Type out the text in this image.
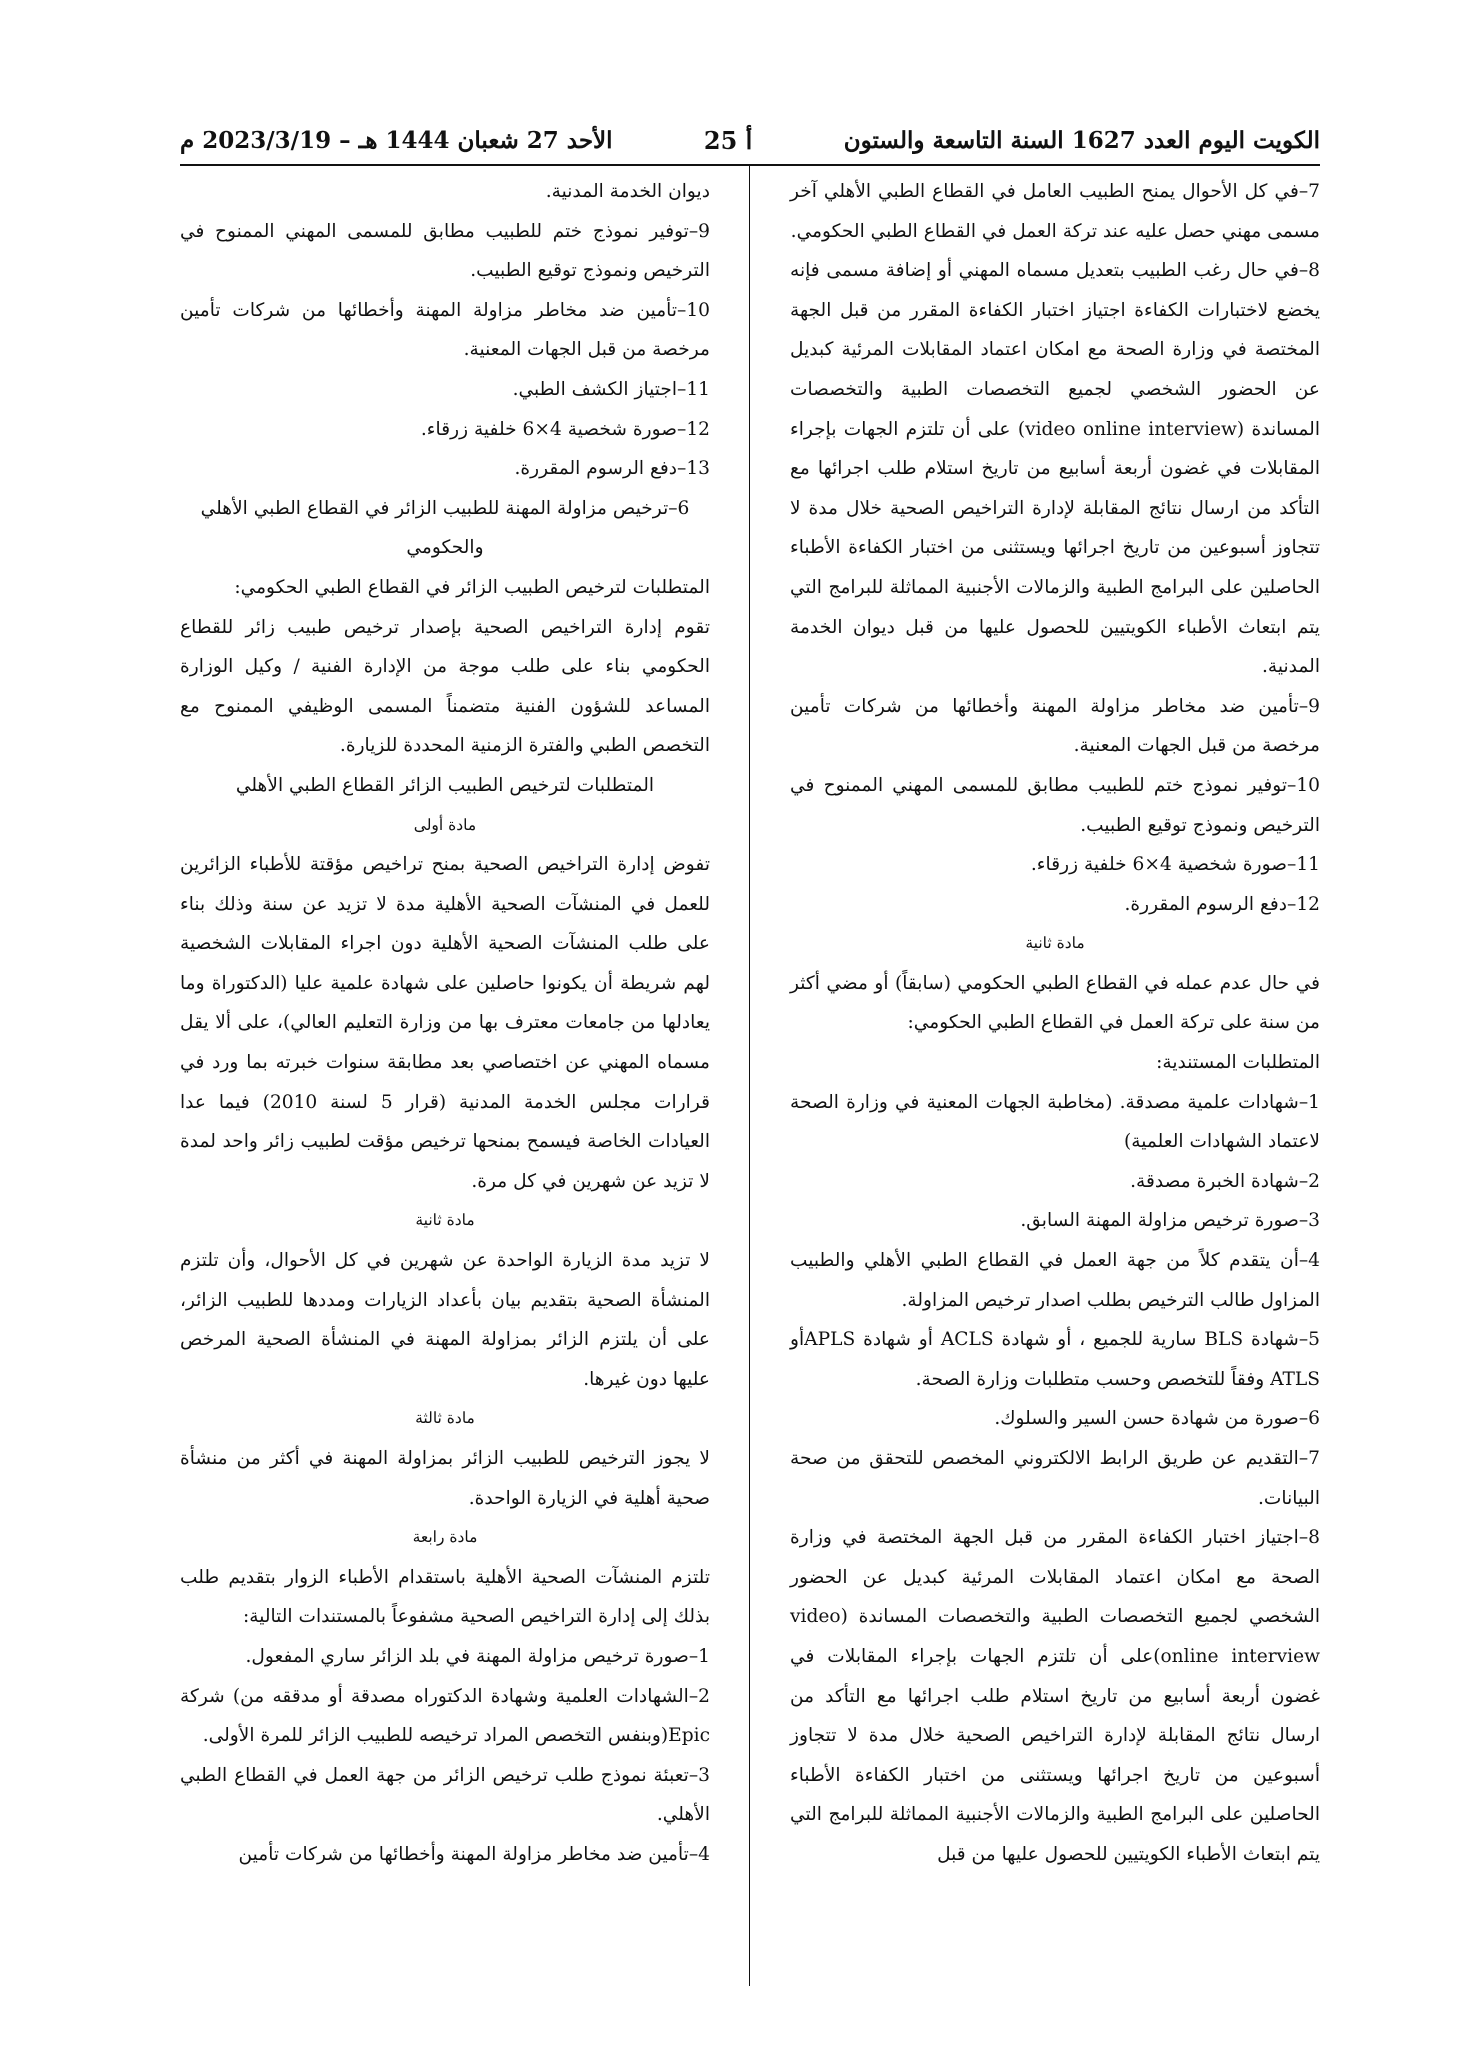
الكويت اليوم العدد 1627 السنة التاسعة والستون
أ 25
الأحد 27 شعبان 1444 هـ – 2023/3/19 م

7–في كل الأحوال يمنح الطبيب العامل في القطاع الطبي الأهلي آخر مسمى مهني حصل عليه عند تركة العمل في القطاع الطبي الحكومي.

8–في حال رغب الطبيب بتعديل مسماه المهني أو إضافة مسمى فإنه يخضع لاختبارات الكفاءة اجتياز اختبار الكفاءة المقرر من قبل الجهة المختصة في وزارة الصحة مع امكان اعتماد المقابلات المرئية كبديل عن الحضور الشخصي لجميع التخصصات الطبية والتخصصات المساندة (video online interview) على أن تلتزم الجهات بإجراء المقابلات في غضون أربعة أسابيع من تاريخ استلام طلب اجرائها مع التأكد من ارسال نتائج المقابلة لإدارة التراخيص الصحية خلال مدة لا تتجاوز أسبوعين من تاريخ اجرائها ويستثنى من اختبار الكفاءة الأطباء الحاصلين على البرامج الطبية والزمالات الأجنبية المماثلة للبرامج التي يتم ابتعاث الأطباء الكويتيين للحصول عليها من قبل ديوان الخدمة المدنية.

9–تأمين ضد مخاطر مزاولة المهنة وأخطائها من شركات تأمين مرخصة من قبل الجهات المعنية.

10–توفير نموذج ختم للطبيب مطابق للمسمى المهني الممنوح في الترخيص ونموذج توقيع الطبيب.

11–صورة شخصية 4×6 خلفية زرقاء.

12–دفع الرسوم المقررة.

مادة ثانية

في حال عدم عمله في القطاع الطبي الحكومي (سابقاً) أو مضي أكثر من سنة على تركة العمل في القطاع الطبي الحكومي:

المتطلبات المستندية:

1–شهادات علمية مصدقة. (مخاطبة الجهات المعنية في وزارة الصحة لاعتماد الشهادات العلمية)

2–شهادة الخبرة مصدقة.

3–صورة ترخيص مزاولة المهنة السابق.

4–أن يتقدم كلاً من جهة العمل في القطاع الطبي الأهلي والطبيب المزاول طالب الترخيص بطلب اصدار ترخيص المزاولة.

5–شهادة BLS سارية للجميع ، أو شهادة ACLS أو شهادة APLSأو ATLS وفقاً للتخصص وحسب متطلبات وزارة الصحة.

6–صورة من شهادة حسن السير والسلوك.

7–التقديم عن طريق الرابط الالكتروني المخصص للتحقق من صحة البيانات.

8–اجتياز اختبار الكفاءة المقرر من قبل الجهة المختصة في وزارة الصحة مع امكان اعتماد المقابلات المرئية كبديل عن الحضور الشخصي لجميع التخصصات الطبية والتخصصات المساندة (video online interview)على أن تلتزم الجهات بإجراء المقابلات في غضون أربعة أسابيع من تاريخ استلام طلب اجرائها مع التأكد من ارسال نتائج المقابلة لإدارة التراخيص الصحية خلال مدة لا تتجاوز أسبوعين من تاريخ اجرائها ويستثنى من اختبار الكفاءة الأطباء الحاصلين على البرامج الطبية والزمالات الأجنبية المماثلة للبرامج التي يتم ابتعاث الأطباء الكويتيين للحصول عليها من قبل

ديوان الخدمة المدنية.

9–توفير نموذج ختم للطبيب مطابق للمسمى المهني الممنوح في الترخيص ونموذج توقيع الطبيب.

10–تأمين ضد مخاطر مزاولة المهنة وأخطائها من شركات تأمين مرخصة من قبل الجهات المعنية.

11–اجتياز الكشف الطبي.

12–صورة شخصية 4×6 خلفية زرقاء.

13–دفع الرسوم المقررة.

6–ترخيص مزاولة المهنة للطبيب الزائر في القطاع الطبي الأهلي والحكومي

المتطلبات لترخيص الطبيب الزائر في القطاع الطبي الحكومي:

تقوم إدارة التراخيص الصحية بإصدار ترخيص طبيب زائر للقطاع الحكومي بناء على طلب موجة من الإدارة الفنية / وكيل الوزارة المساعد للشؤون الفنية متضمناً المسمى الوظيفي الممنوح مع التخصص الطبي والفترة الزمنية المحددة للزيارة.

المتطلبات لترخيص الطبيب الزائر القطاع الطبي الأهلي

مادة أولى

تفوض إدارة التراخيص الصحية بمنح تراخيص مؤقتة للأطباء الزائرين للعمل في المنشآت الصحية الأهلية مدة لا تزيد عن سنة وذلك بناء على طلب المنشآت الصحية الأهلية دون اجراء المقابلات الشخصية لهم شريطة أن يكونوا حاصلين على شهادة علمية عليا (الدكتوراة وما يعادلها من جامعات معترف بها من وزارة التعليم العالي)، على ألا يقل مسماه المهني عن اختصاصي بعد مطابقة سنوات خبرته بما ورد في قرارات مجلس الخدمة المدنية (قرار 5 لسنة 2010) فيما عدا العيادات الخاصة فيسمح بمنحها ترخيص مؤقت لطبيب زائر واحد لمدة لا تزيد عن شهرين في كل مرة.

مادة ثانية

لا تزيد مدة الزيارة الواحدة عن شهرين في كل الأحوال، وأن تلتزم المنشأة الصحية بتقديم بيان بأعداد الزيارات ومددها للطبيب الزائر، على أن يلتزم الزائر بمزاولة المهنة في المنشأة الصحية المرخص عليها دون غيرها.

مادة ثالثة

لا يجوز الترخيص للطبيب الزائر بمزاولة المهنة في أكثر من منشأة صحية أهلية في الزيارة الواحدة.

مادة رابعة

تلتزم المنشآت الصحية الأهلية باستقدام الأطباء الزوار بتقديم طلب بذلك إلى إدارة التراخيص الصحية مشفوعاً بالمستندات التالية:

1–صورة ترخيص مزاولة المهنة في بلد الزائر ساري المفعول.

2–الشهادات العلمية وشهادة الدكتوراه مصدقة أو مدققه من) شركة Epic(وبنفس التخصص المراد ترخيصه للطبيب الزائر للمرة الأولى.

3–تعبئة نموذج طلب ترخيص الزائر من جهة العمل في القطاع الطبي الأهلي.

4–تأمين ضد مخاطر مزاولة المهنة وأخطائها من شركات تأمين
